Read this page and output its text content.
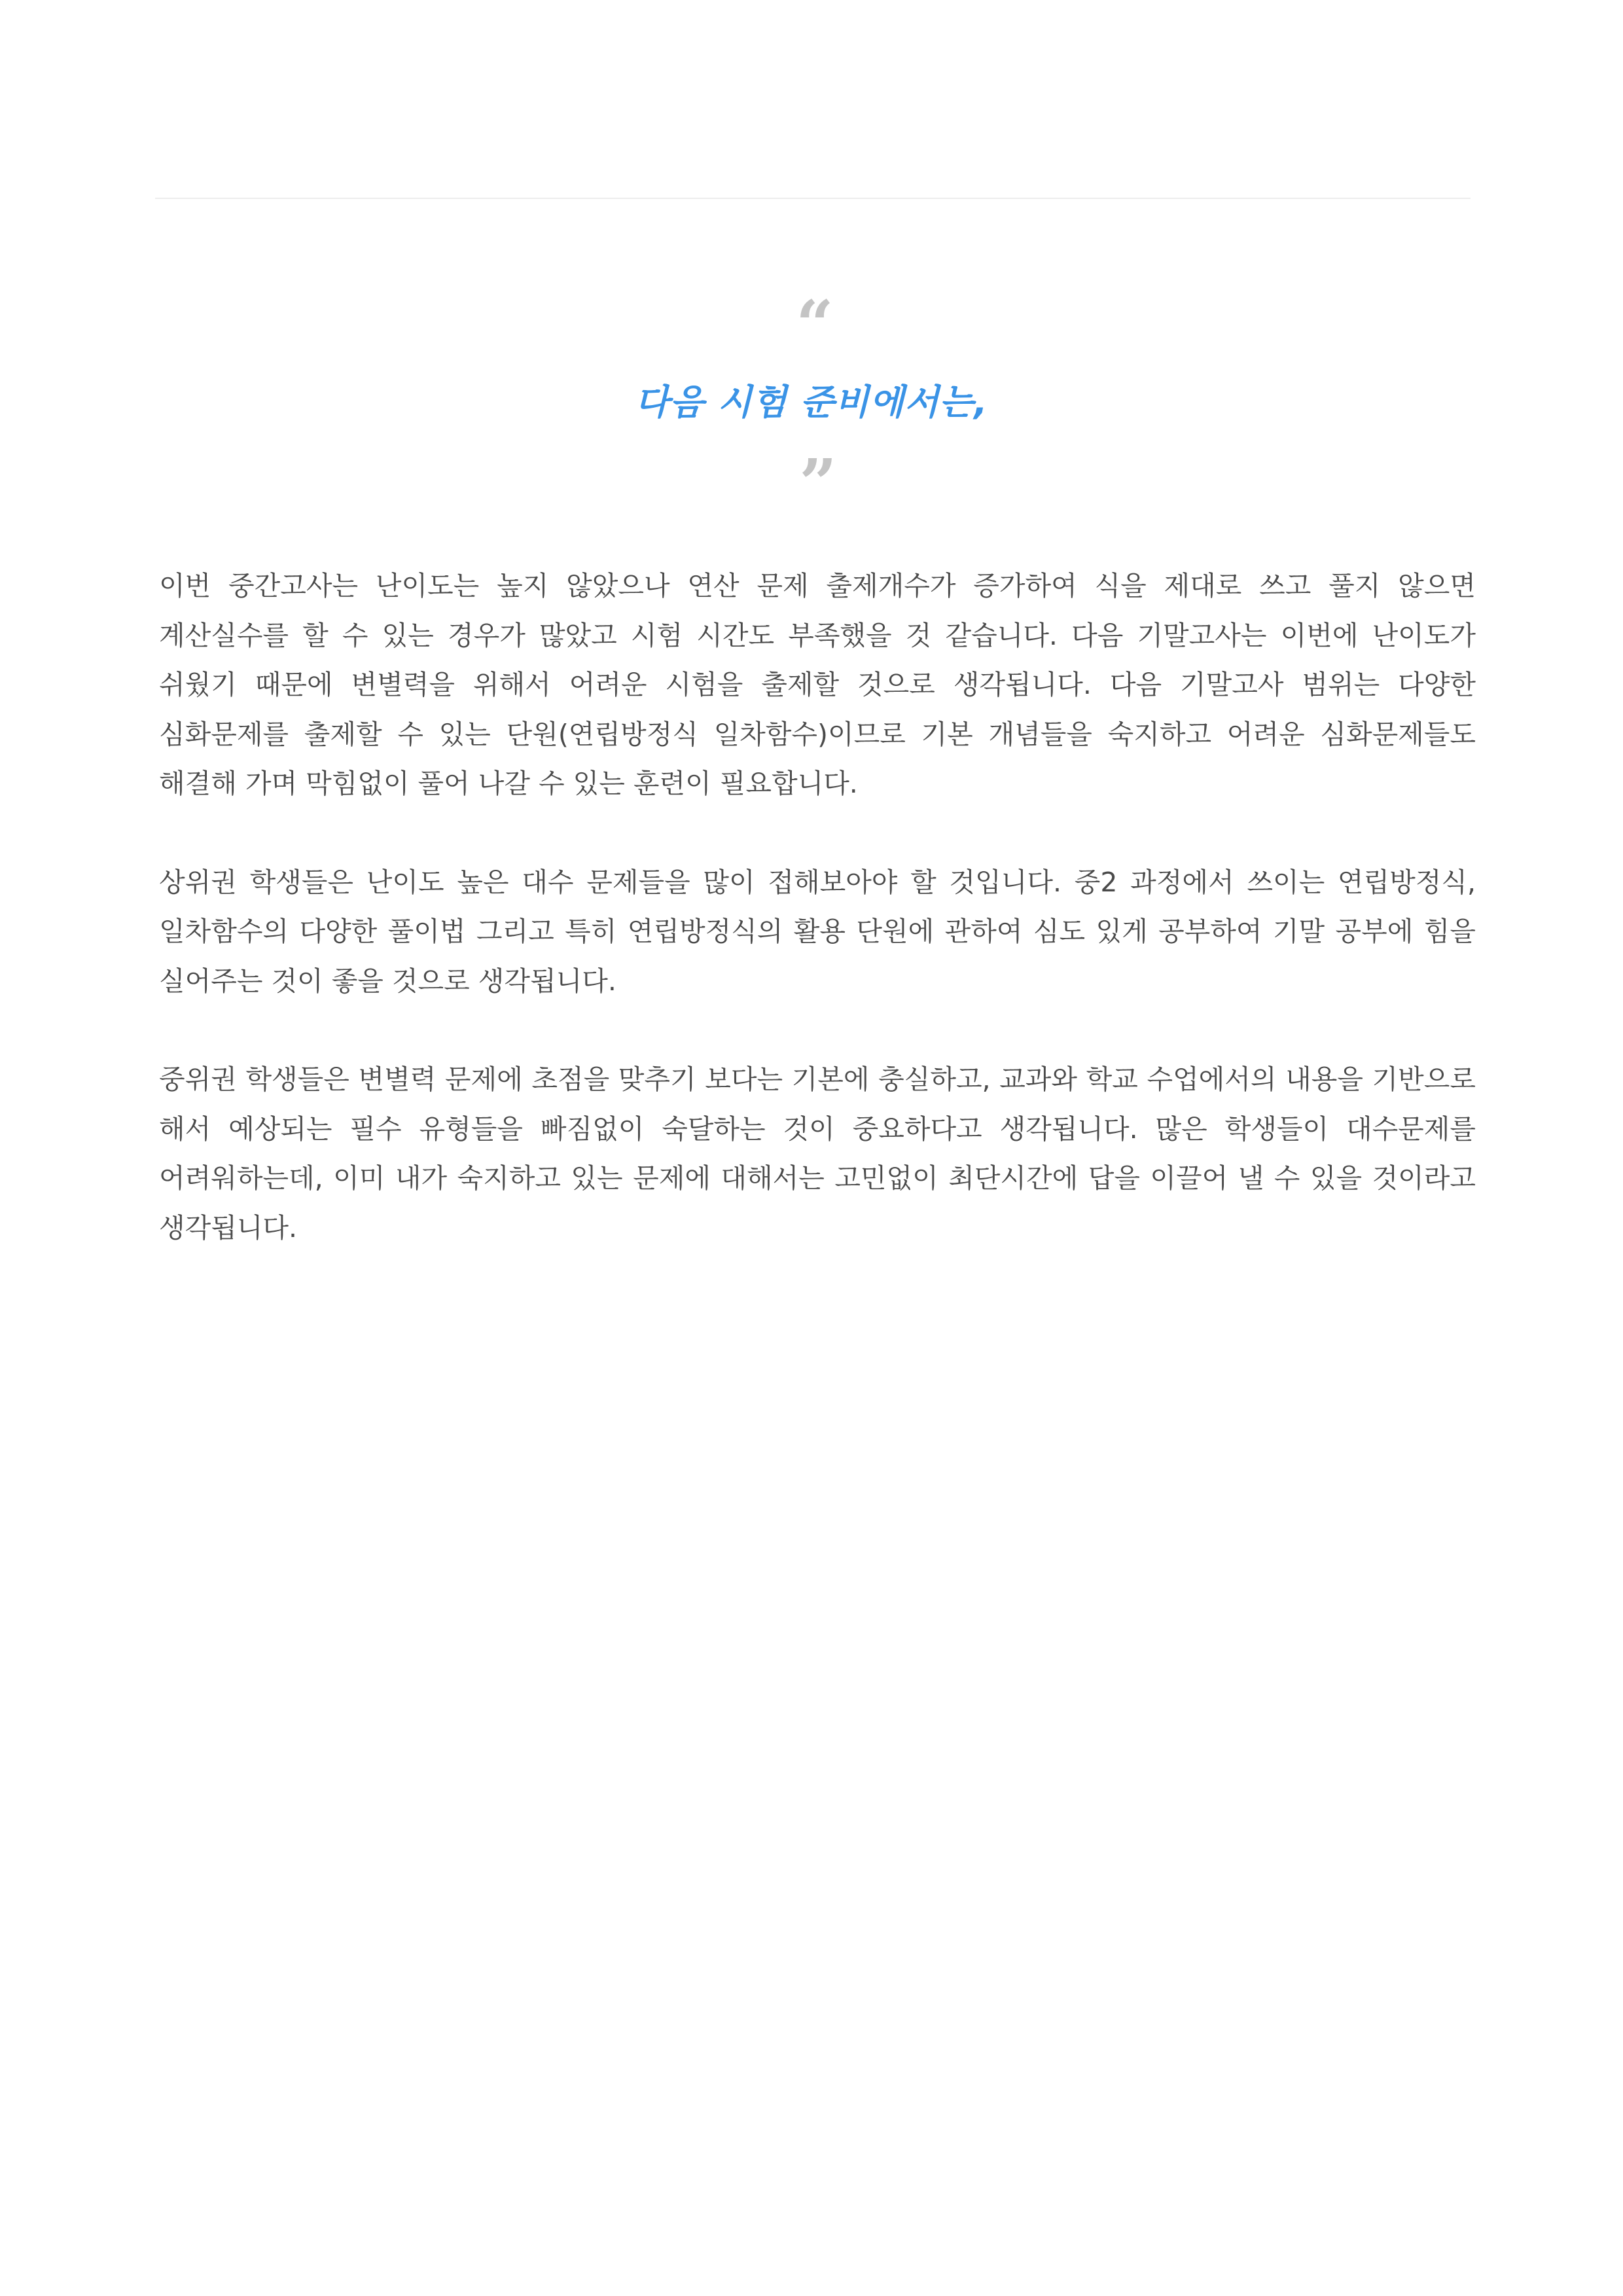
“
다음 시험 준비에서는,
”

이번 중간고사는 난이도는 높지 않았으나 연산 문제 출제개수가 증가하여 식을 제대로 쓰고 풀지 않으면 계산실수를 할 수 있는 경우가 많았고 시험 시간도 부족했을 것 같습니다. 다음 기말고사는 이번에 난이도가 쉬웠기 때문에 변별력을 위해서 어려운 시험을 출제할 것으로 생각됩니다. 다음 기말고사 범위는 다양한 심화문제를 출제할 수 있는 단원(연립방정식 일차함수)이므로 기본 개념들을 숙지하고 어려운 심화문제들도 해결해 가며 막힘없이 풀어 나갈 수 있는 훈련이 필요합니다.

상위권 학생들은 난이도 높은 대수 문제들을 많이 접해보아야 할 것입니다. 중2 과정에서 쓰이는 연립방정식, 일차함수의 다양한 풀이법 그리고 특히 연립방정식의 활용 단원에 관하여 심도 있게 공부하여 기말 공부에 힘을 실어주는 것이 좋을 것으로 생각됩니다.

중위권 학생들은 변별력 문제에 초점을 맞추기 보다는 기본에 충실하고, 교과와 학교 수업에서의 내용을 기반으로 해서 예상되는 필수 유형들을 빠짐없이 숙달하는 것이 중요하다고 생각됩니다. 많은 학생들이 대수문제를 어려워하는데, 이미 내가 숙지하고 있는 문제에 대해서는 고민없이 최단시간에 답을 이끌어 낼 수 있을 것이라고 생각됩니다.
